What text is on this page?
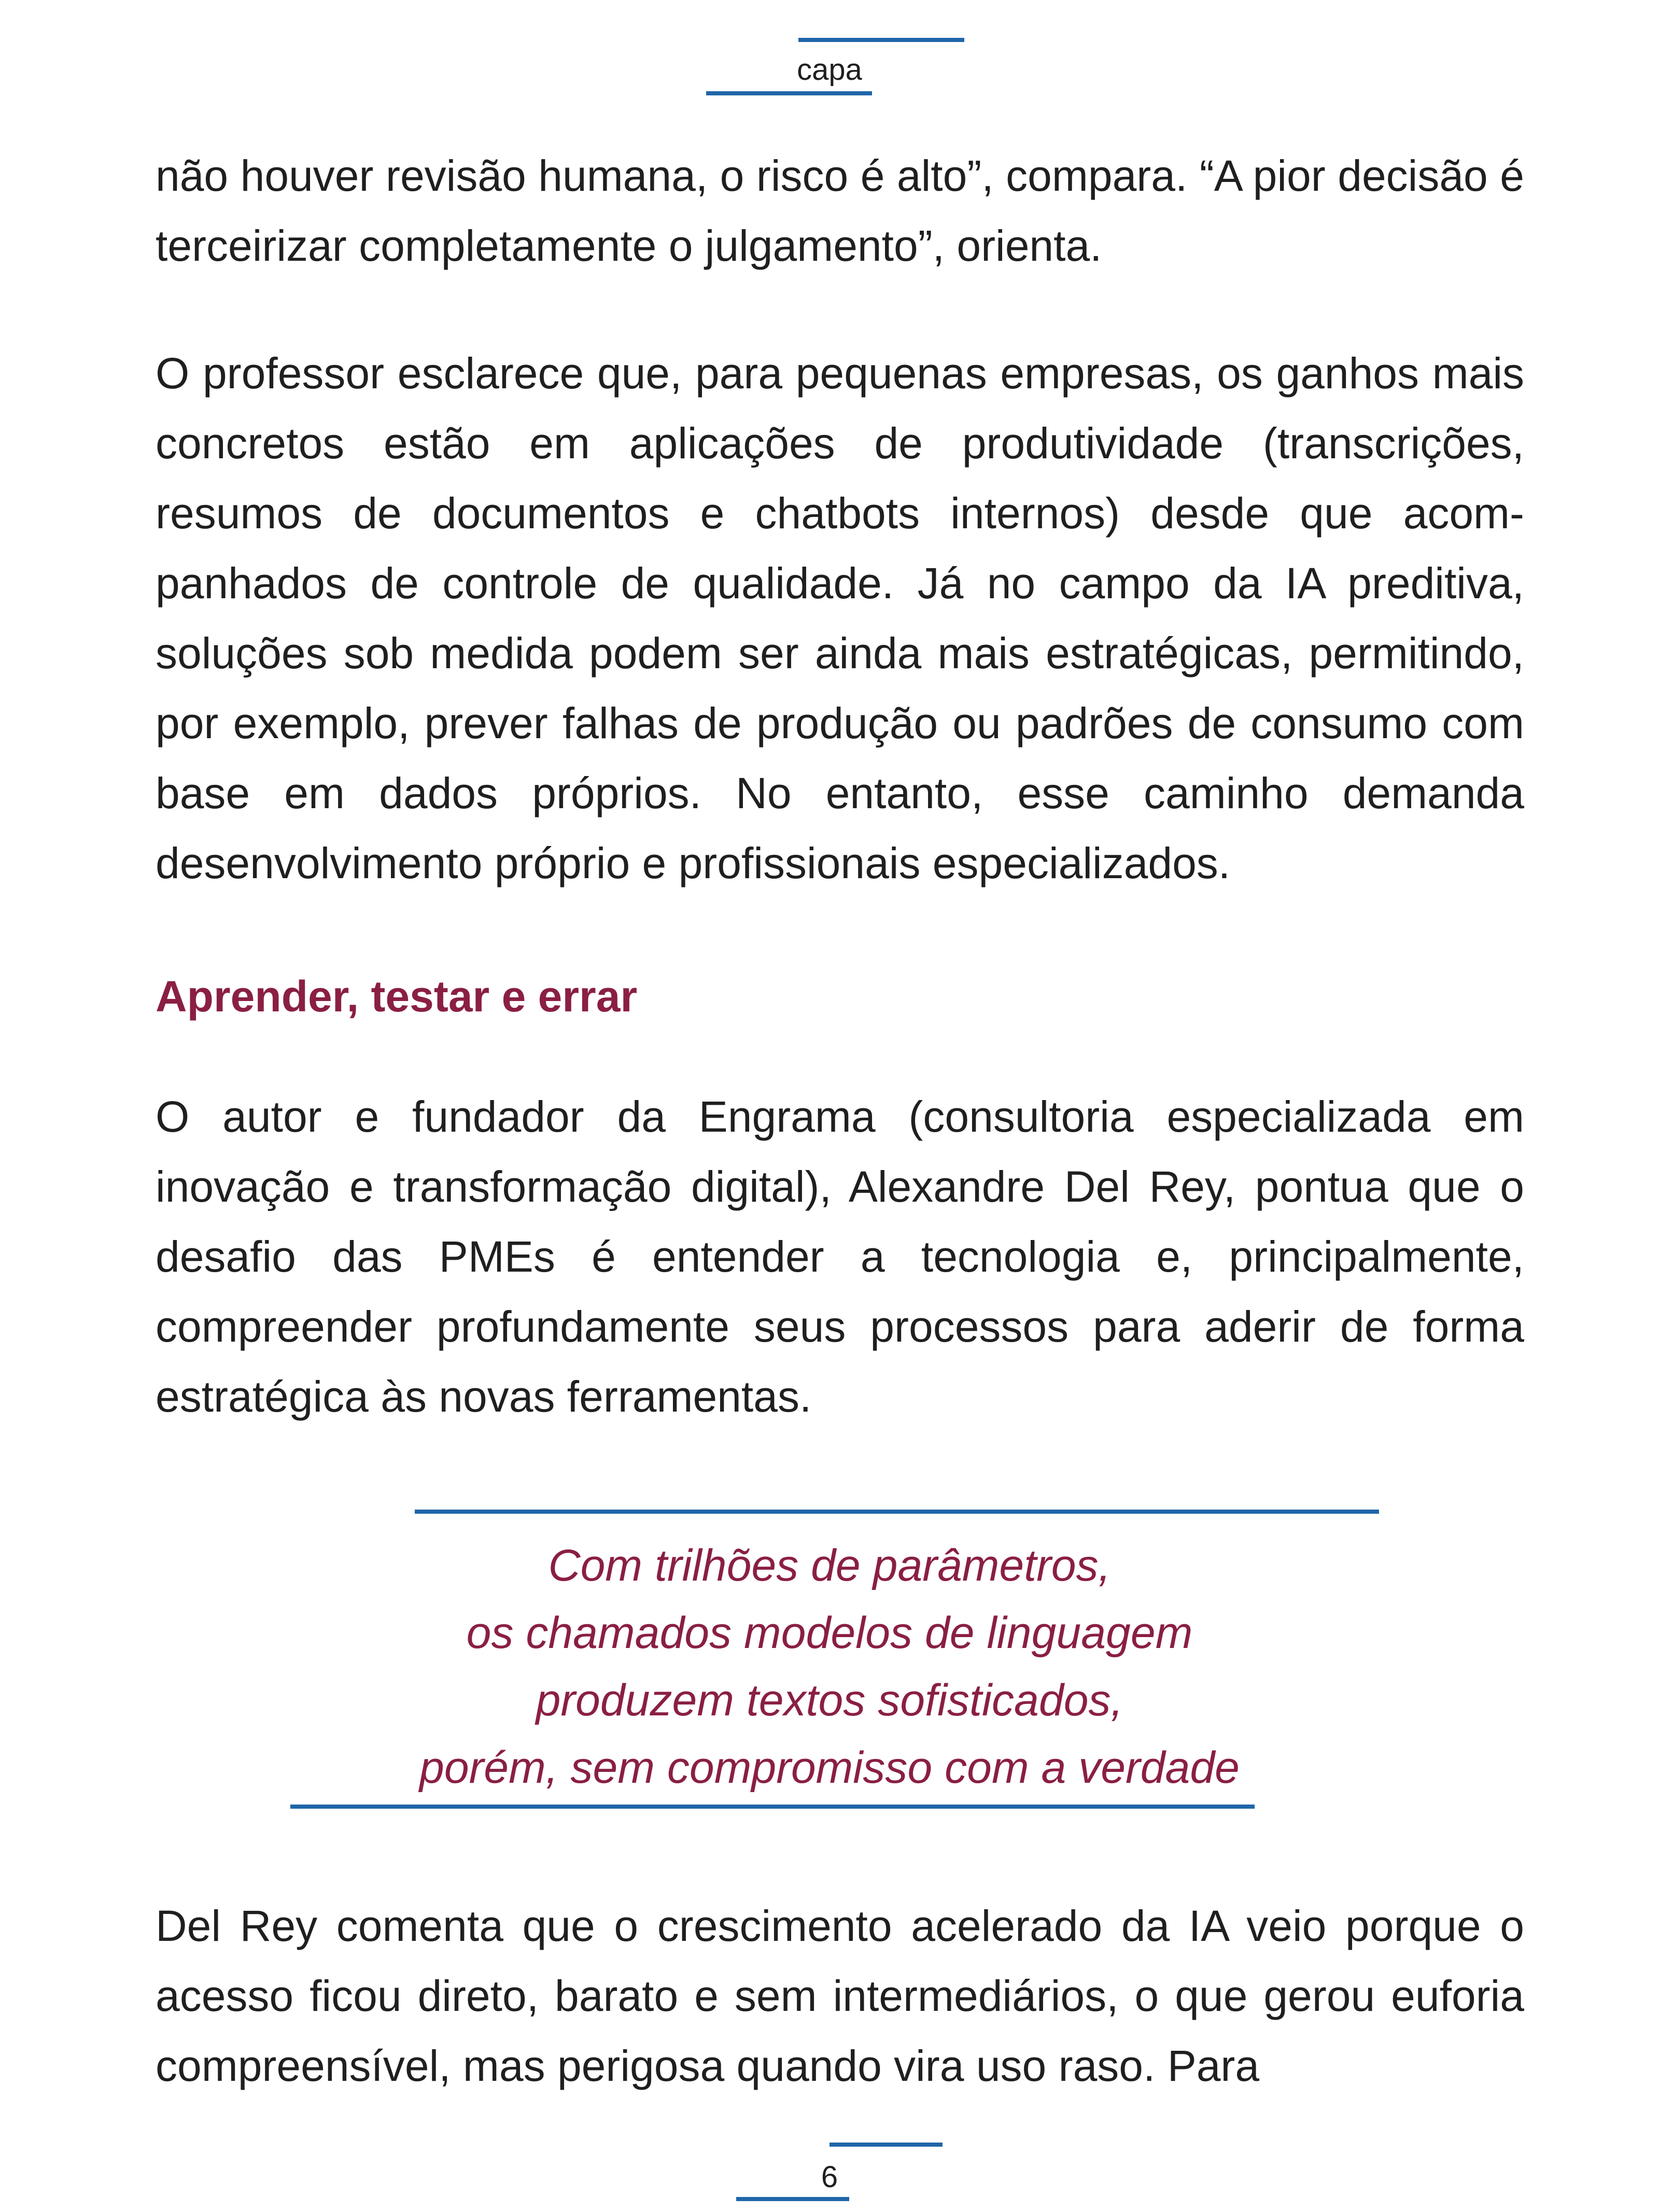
capa

não houver revisão humana, o risco é alto”, compara. “A pior decisão é terceirizar completamente o julgamento”, orienta.

O professor esclarece que, para pequenas empresas, os ganhos mais concretos estão em aplicações de produtividade (transcrições, resumos de documentos e chatbots internos) desde que acompanhados de controle de qualidade. Já no campo da IA preditiva, soluções sob medida podem ser ainda mais estratégicas, permitindo, por exemplo, prever falhas de produção ou padrões de consumo com base em dados próprios. No entanto, esse caminho demanda desenvolvimento próprio e profissionais especializados.

Aprender, testar e errar

O autor e fundador da Engrama (consultoria especializada em inovação e transformação digital), Alexandre Del Rey, pontua que o desafio das PMEs é entender a tecnologia e, principalmente, compreender profundamente seus processos para aderir de forma estratégica às novas ferramentas.

Com trilhões de parâmetros,
os chamados modelos de linguagem
produzem textos sofisticados,
porém, sem compromisso com a verdade

Del Rey comenta que o crescimento acelerado da IA veio porque o acesso ficou direto, barato e sem intermediários, o que gerou euforia compreensível, mas perigosa quando vira uso raso. Para

6
